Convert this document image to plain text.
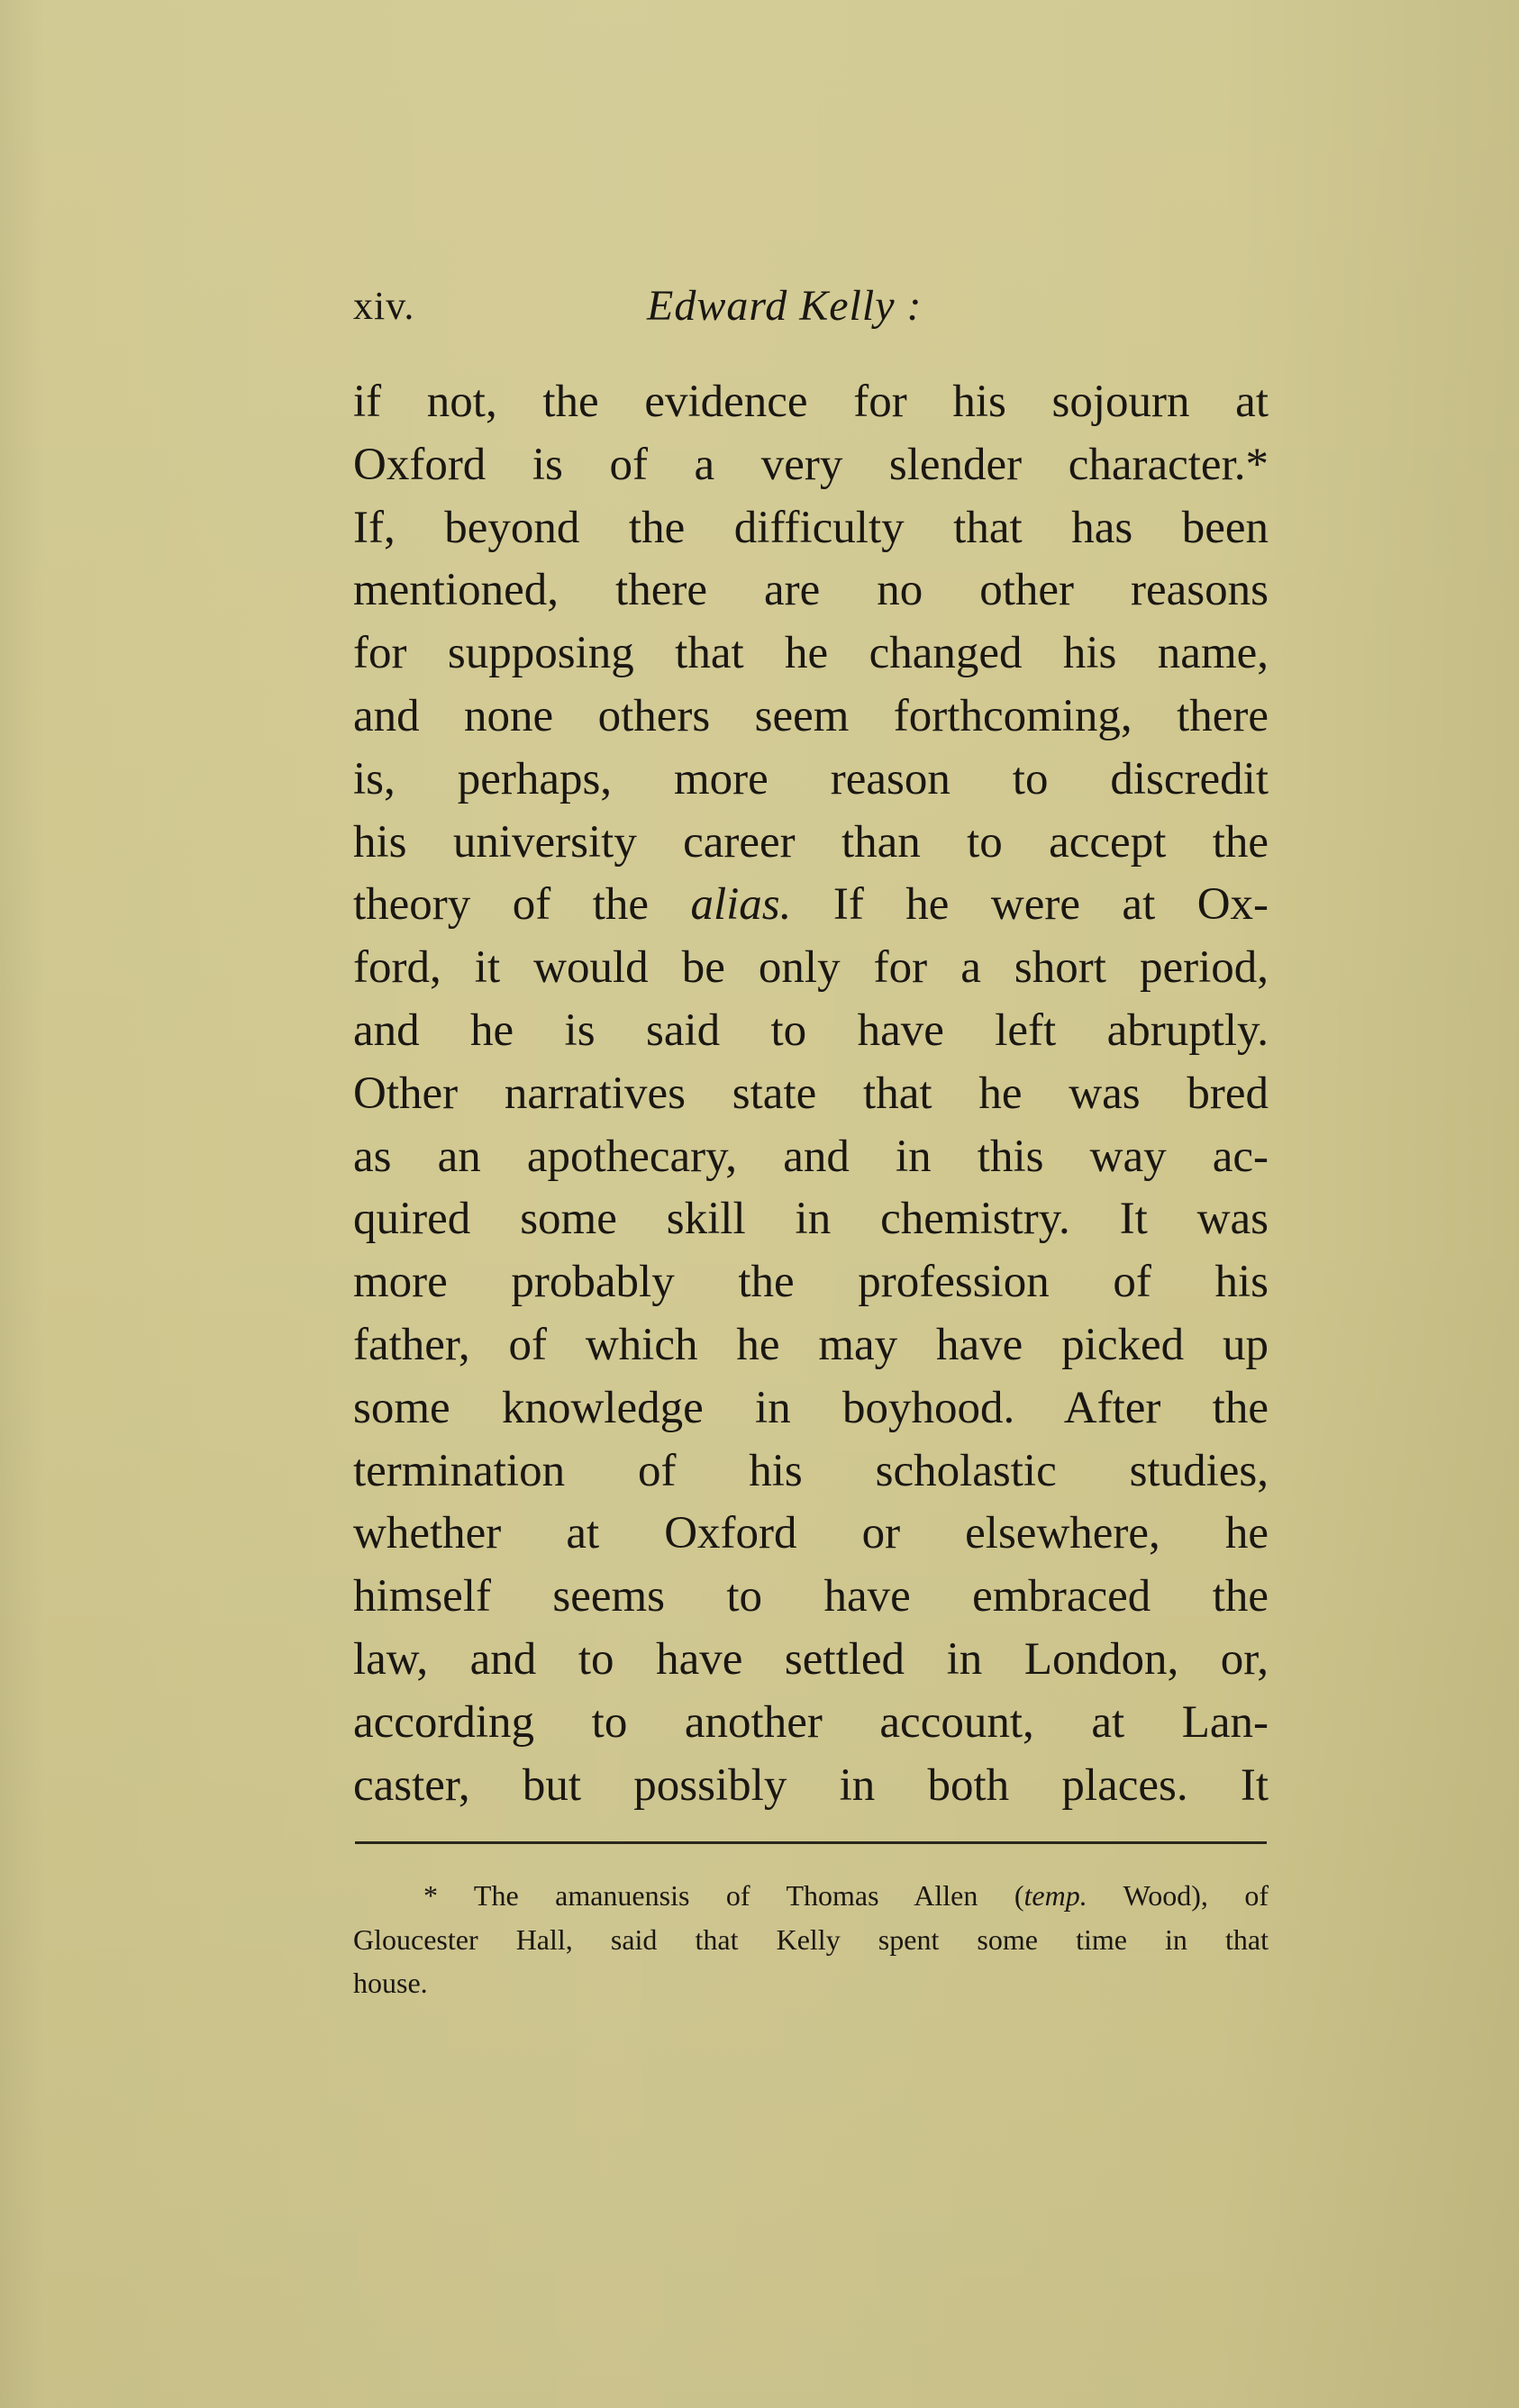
xiv.	Edward Kelly :
if not, the evidence for his sojourn at
Oxford is of a very slender character.*
If, beyond the difficulty that has been
mentioned, there are no other reasons
for supposing that he changed his name,
and none others seem forthcoming, there
is, perhaps, more reason to discredit
his university career than to accept the
theory of the alias. If he were at Ox-
ford, it would be only for a short period,
and he is said to have left abruptly.
Other narratives state that he was bred
as an apothecary, and in this way ac-
quired some skill in chemistry. It was
more probably the profession of his
father, of which he may have picked up
some knowledge in boyhood. After the
termination of his scholastic studies,
whether at Oxford or elsewhere, he
himself seems to have embraced the
law, and to have settled in London, or,
according to another account, at Lan-
caster, but possibly in both places. It
* The amanuensis of Thomas Allen (temp. Wood), of
Gloucester Hall, said that Kelly spent some time in that
house.
